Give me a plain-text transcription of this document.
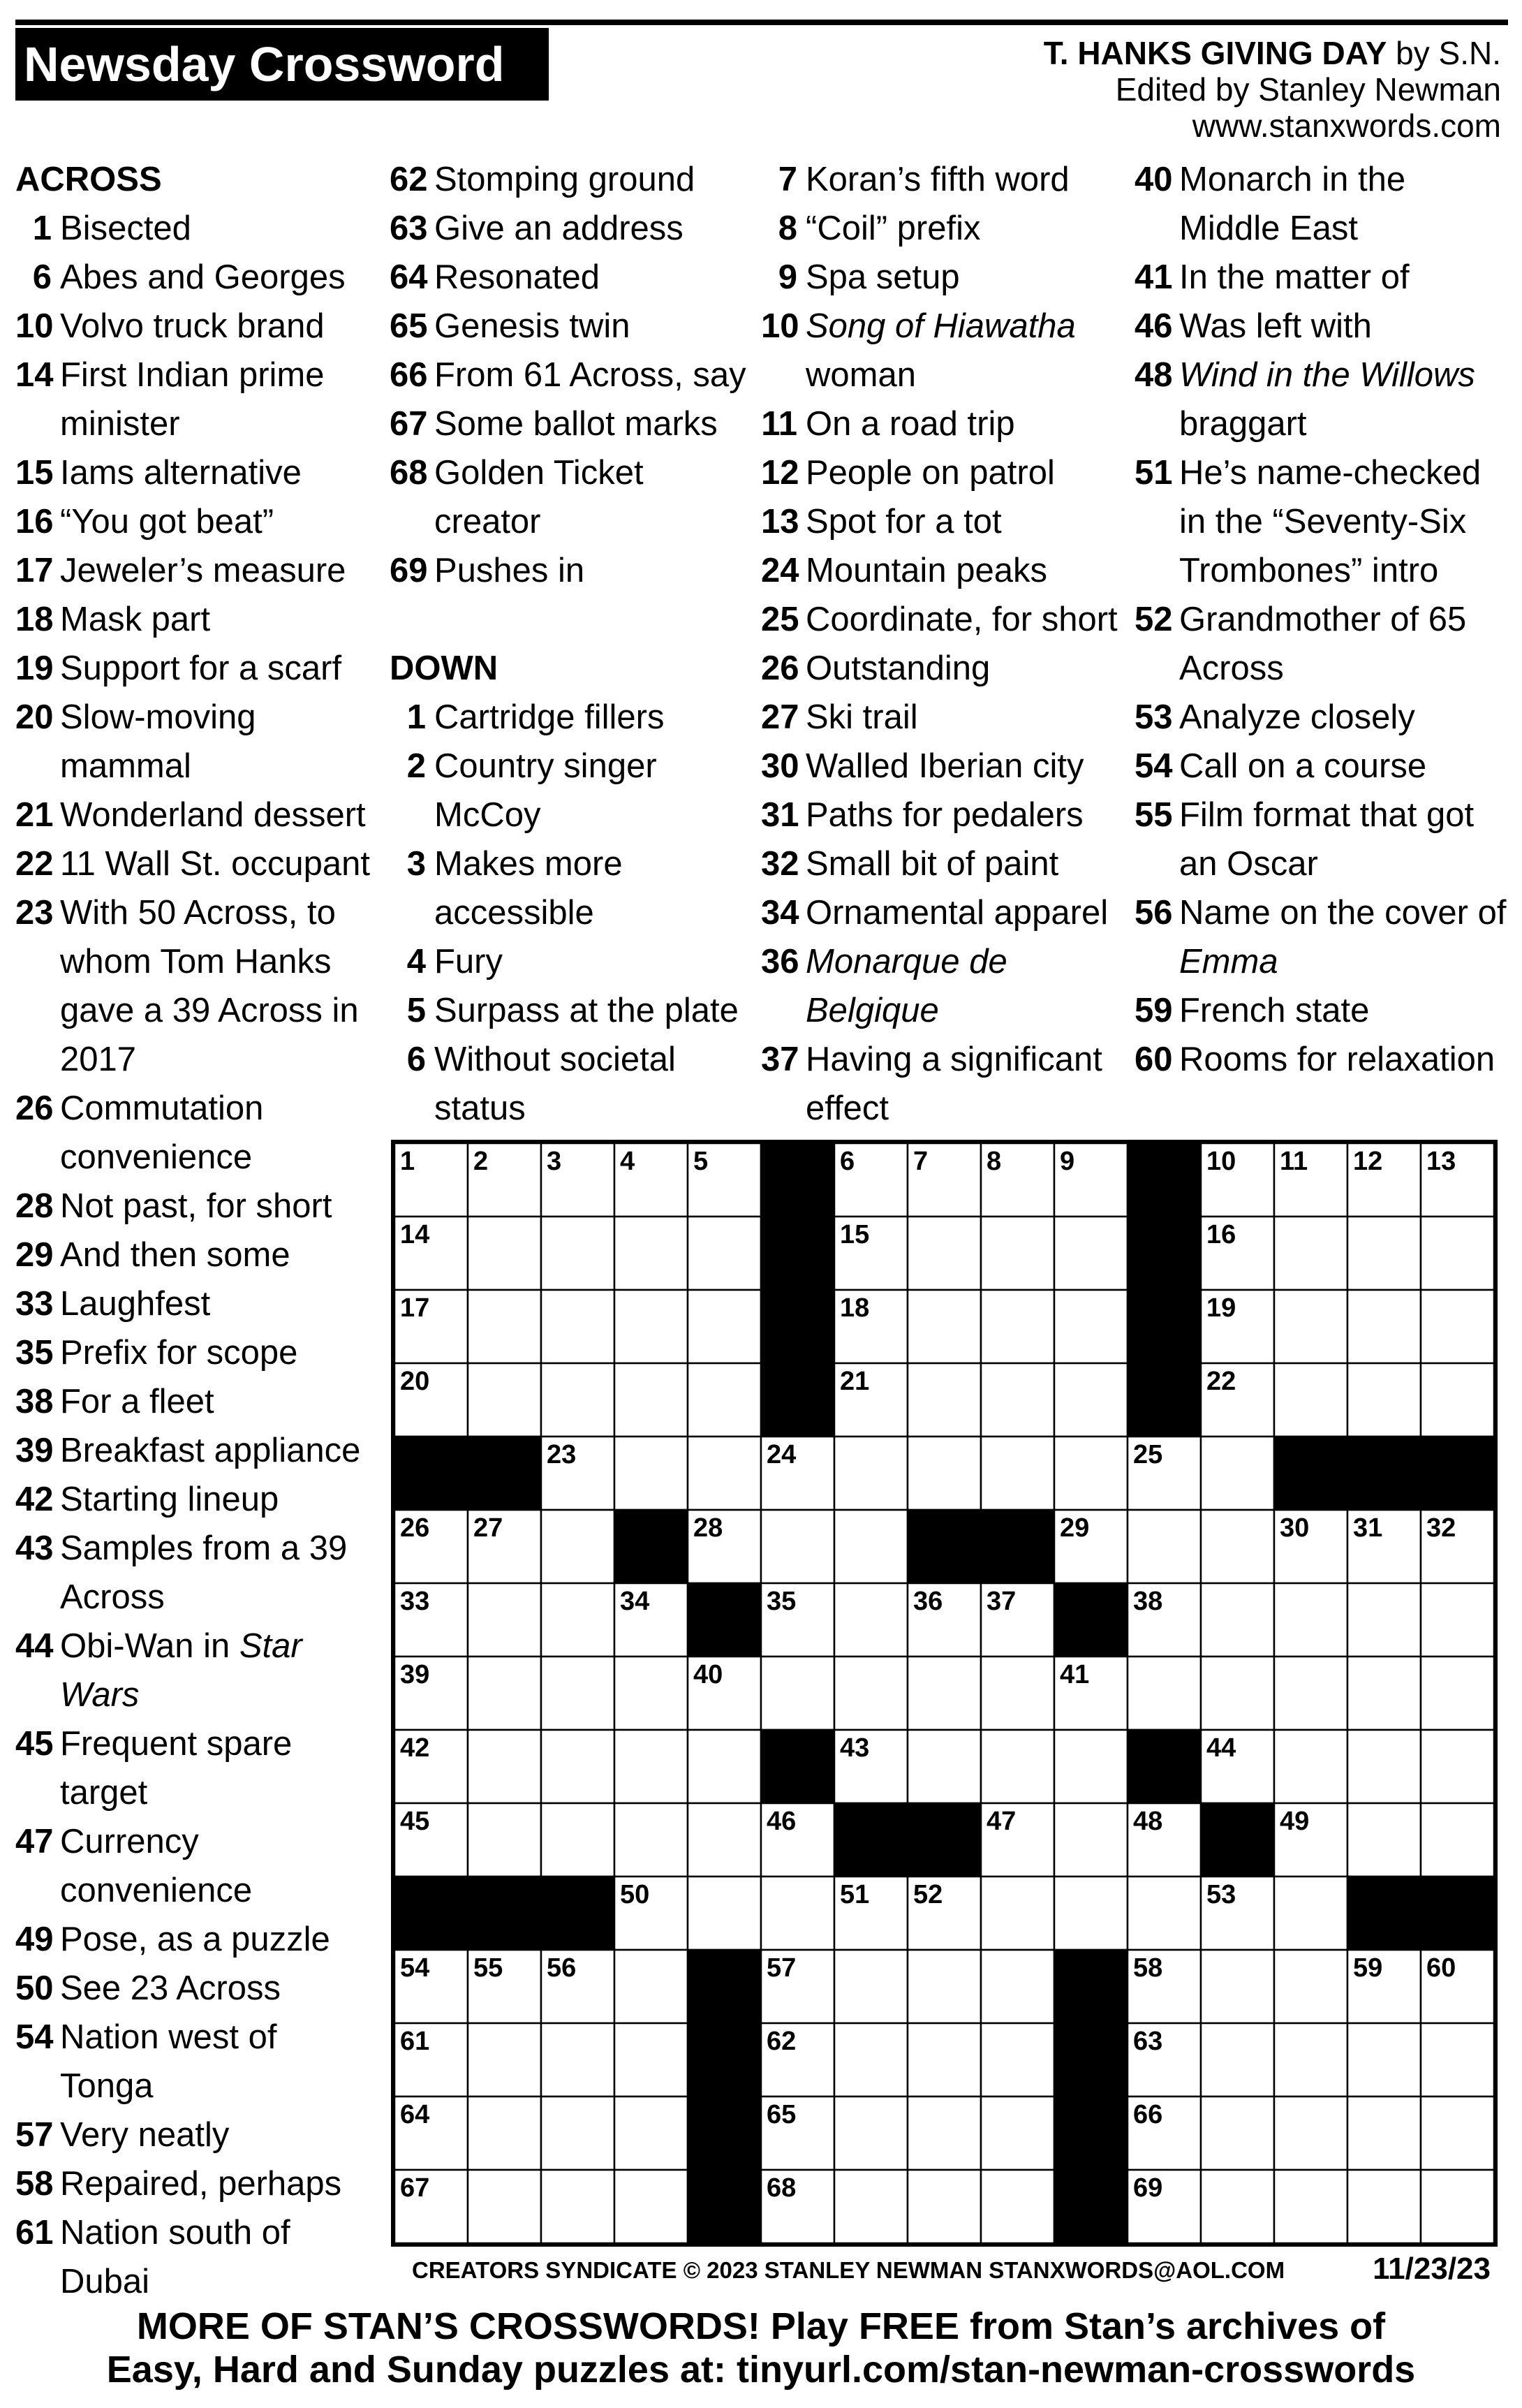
Newsday Crossword	T. HANKS GIVING DAY by S.N.
Edited by Stanley Newman
www.stanxwords.com
ACROSS
1 Bisected
6 Abes and Georges
10 Volvo truck brand
14 First Indian prime minister
15 Iams alternative
16 “You got beat”
17 Jeweler’s measure
18 Mask part
19 Support for a scarf
20 Slow-moving mammal
21 Wonderland dessert
22 11 Wall St. occupant
23 With 50 Across, to whom Tom Hanks gave a 39 Across in 2017
26 Commutation convenience
28 Not past, for short
29 And then some
33 Laughfest
35 Prefix for scope
38 For a fleet
39 Breakfast appliance
42 Starting lineup
43 Samples from a 39 Across
44 Obi-Wan in Star Wars
45 Frequent spare target
47 Currency convenience
49 Pose, as a puzzle
50 See 23 Across
54 Nation west of Tonga
57 Very neatly
58 Repaired, perhaps
61 Nation south of Dubai
62 Stomping ground
63 Give an address
64 Resonated
65 Genesis twin
66 From 61 Across, say
67 Some ballot marks
68 Golden Ticket creator
69 Pushes in
DOWN
1 Cartridge fillers
2 Country singer McCoy
3 Makes more accessible
4 Fury
5 Surpass at the plate
6 Without societal status
7 Koran’s fifth word
8 “Coil” prefix
9 Spa setup
10 Song of Hiawatha woman
11 On a road trip
12 People on patrol
13 Spot for a tot
24 Mountain peaks
25 Coordinate, for short
26 Outstanding
27 Ski trail
30 Walled Iberian city
31 Paths for pedalers
32 Small bit of paint
34 Ornamental apparel
36 Monarque de Belgique
37 Having a significant effect
40 Monarch in the Middle East
41 In the matter of
46 Was left with
48 Wind in the Willows braggart
51 He’s name-checked in the “Seventy-Six Trombones” intro
52 Grandmother of 65 Across
53 Analyze closely
54 Call on a course
55 Film format that got an Oscar
56 Name on the cover of Emma
59 French state
60 Rooms for relaxation
1 2 3 4 5	6 7 8 9	10 11 12 13
14	15	16
17	18	19
20	21	22
23	24	25
26 27	28	29	30 31 32
33	34	35	36 37	38
39	40	41
42	43	44
45	46	47	48	49
50	51 52	53
54 55 56	57	58	59 60
61	62	63
64	65	66
67	68	69
CREATORS SYNDICATE © 2023 STANLEY NEWMAN STANXWORDS@AOL.COM	11/23/23
MORE OF STAN’S CROSSWORDS! Play FREE from Stan’s archives of
Easy, Hard and Sunday puzzles at: tinyurl.com/stan-newman-crosswords
